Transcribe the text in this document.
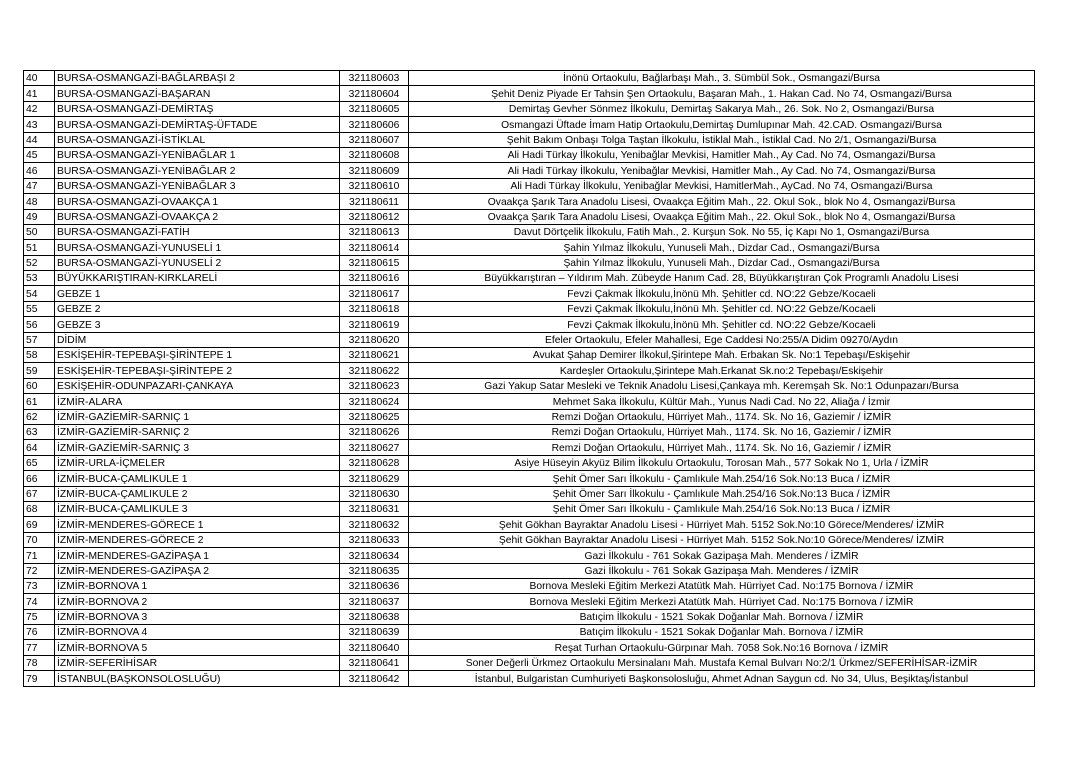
40	BURSA-OSMANGAZİ-BAĞLARBAŞI 2	321180603	İnönü Ortaokulu, Bağlarbaşı Mah., 3. Sümbül Sok., Osmangazi/Bursa
41	BURSA-OSMANGAZİ-BAŞARAN	321180604	Şehit Deniz Piyade Er Tahsin Şen Ortaokulu, Başaran Mah., 1. Hakan Cad. No 74, Osmangazi/Bursa
42	BURSA-OSMANGAZİ-DEMİRTAŞ	321180605	Demirtaş Gevher Sönmez İlkokulu, Demirtaş Sakarya Mah., 26. Sok. No 2, Osmangazi/Bursa
43	BURSA-OSMANGAZİ-DEMİRTAŞ-ÜFTADE	321180606	Osmangazi Üftade İmam Hatip Ortaokulu,Demirtaş Dumlupınar Mah. 42.CAD. Osmangazi/Bursa
44	BURSA-OSMANGAZİ-İSTİKLAL	321180607	Şehit Bakım Onbaşı Tolga Taştan İlkokulu, İstiklal Mah., İstiklal Cad. No 2/1, Osmangazi/Bursa
45	BURSA-OSMANGAZİ-YENİBAĞLAR 1	321180608	Ali Hadi Türkay İlkokulu, Yenibağlar Mevkisi, Hamitler Mah., Ay Cad. No 74, Osmangazi/Bursa
46	BURSA-OSMANGAZİ-YENİBAĞLAR 2	321180609	Ali Hadi Türkay İlkokulu, Yenibağlar Mevkisi, Hamitler Mah., Ay Cad. No 74, Osmangazi/Bursa
47	BURSA-OSMANGAZİ-YENİBAĞLAR 3	321180610	Ali Hadi Türkay İlkokulu, Yenibağlar Mevkisi, HamitlerMah., AyCad. No 74, Osmangazi/Bursa
48	BURSA-OSMANGAZİ-OVAAKÇA 1	321180611	Ovaakça Şarık Tara Anadolu Lisesi, Ovaakça Eğitim Mah., 22. Okul Sok., blok No 4, Osmangazi/Bursa
49	BURSA-OSMANGAZİ-OVAAKÇA 2	321180612	Ovaakça Şarık Tara Anadolu Lisesi, Ovaakça Eğitim Mah., 22. Okul Sok., blok No 4, Osmangazi/Bursa
50	BURSA-OSMANGAZİ-FATİH	321180613	Davut Dörtçelik İlkokulu, Fatih Mah., 2. Kurşun Sok. No 55, İç Kapı No 1, Osmangazi/Bursa
51	BURSA-OSMANGAZİ-YUNUSELİ 1	321180614	Şahin Yılmaz İlkokulu, Yunuseli Mah., Dizdar Cad., Osmangazi/Bursa
52	BURSA-OSMANGAZİ-YUNUSELİ 2	321180615	Şahin Yılmaz İlkokulu, Yunuseli Mah., Dizdar Cad., Osmangazi/Bursa
53	BÜYÜKKARIŞTIRAN-KIRKLARELİ	321180616	Büyükkarıştıran – Yıldırım Mah. Zübeyde Hanım Cad. 28, Büyükkarıştıran Çok Programlı Anadolu Lisesi
54	GEBZE 1	321180617	Fevzi Çakmak İlkokulu,İnönü Mh. Şehitler cd. NO:22 Gebze/Kocaeli
55	GEBZE 2	321180618	Fevzi Çakmak İlkokulu,İnönü Mh. Şehitler cd. NO:22 Gebze/Kocaeli
56	GEBZE 3	321180619	Fevzi Çakmak İlkokulu,İnönü Mh. Şehitler cd. NO:22 Gebze/Kocaeli
57	DİDİM	321180620	Efeler Ortaokulu, Efeler Mahallesi, Ege Caddesi No:255/A Didim 09270/Aydın
58	ESKİŞEHİR-TEPEBAŞI-ŞİRİNTEPE 1	321180621	Avukat Şahap Demirer İlkokul,Şirintepe Mah. Erbakan Sk. No:1 Tepebaşı/Eskişehir
59	ESKİŞEHİR-TEPEBAŞI-ŞİRİNTEPE 2	321180622	Kardeşler Ortaokulu,Şirintepe Mah.Erkanat Sk.no:2 Tepebaşı/Eskişehir
60	ESKİŞEHİR-ODUNPAZARI-ÇANKAYA	321180623	Gazi Yakup Satar Mesleki ve Teknik Anadolu Lisesi,Çankaya mh. Keremşah Sk. No:1 Odunpazarı/Bursa
61	İZMİR-ALARA	321180624	Mehmet Saka İlkokulu, Kültür Mah., Yunus Nadi Cad. No 22, Aliağa / İzmir
62	İZMİR-GAZİEMİR-SARNIÇ 1	321180625	Remzi Doğan Ortaokulu, Hürriyet Mah., 1174. Sk. No 16, Gaziemir / İZMİR
63	İZMİR-GAZİEMİR-SARNIÇ 2	321180626	Remzi Doğan Ortaokulu, Hürriyet Mah., 1174. Sk. No 16, Gaziemir / İZMİR
64	İZMİR-GAZİEMİR-SARNIÇ 3	321180627	Remzi Doğan Ortaokulu, Hürriyet Mah., 1174. Sk. No 16, Gaziemir / İZMİR
65	İZMİR-URLA-İÇMELER	321180628	Asiye Hüseyin Akyüz Bilim İlkokulu Ortaokulu, Torosan Mah., 577 Sokak No 1, Urla / İZMİR
66	İZMİR-BUCA-ÇAMLIKULE 1	321180629	Şehit Ömer Sarı İlkokulu - Çamlıkule Mah.254/16 Sok.No:13 Buca / İZMİR
67	İZMİR-BUCA-ÇAMLIKULE 2	321180630	Şehit Ömer Sarı İlkokulu - Çamlıkule Mah.254/16 Sok.No:13 Buca / İZMİR
68	İZMİR-BUCA-ÇAMLIKULE 3	321180631	Şehit Ömer Sarı İlkokulu - Çamlıkule Mah.254/16 Sok.No:13 Buca / İZMİR
69	İZMİR-MENDERES-GÖRECE 1	321180632	Şehit Gökhan Bayraktar Anadolu Lisesi - Hürriyet Mah. 5152 Sok.No:10 Görece/Menderes/ İZMİR
70	İZMİR-MENDERES-GÖRECE 2	321180633	Şehit Gökhan Bayraktar Anadolu Lisesi - Hürriyet Mah. 5152 Sok.No:10 Görece/Menderes/ İZMİR
71	İZMİR-MENDERES-GAZİPAŞA 1	321180634	Gazi İlkokulu - 761 Sokak Gazipaşa Mah. Menderes / İZMİR
72	İZMİR-MENDERES-GAZİPAŞA 2	321180635	Gazi İlkokulu - 761 Sokak Gazipaşa Mah. Menderes / İZMİR
73	İZMİR-BORNOVA 1	321180636	Bornova Mesleki Eğitim Merkezi Atatütk Mah. Hürriyet Cad. No:175 Bornova / İZMİR
74	İZMİR-BORNOVA 2	321180637	Bornova Mesleki Eğitim Merkezi Atatütk Mah. Hürriyet Cad. No:175 Bornova / İZMİR
75	İZMİR-BORNOVA 3	321180638	Batıçim İlkokulu - 1521 Sokak Doğanlar Mah. Bornova / İZMİR
76	İZMİR-BORNOVA 4	321180639	Batıçim İlkokulu - 1521 Sokak Doğanlar Mah. Bornova / İZMİR
77	İZMİR-BORNOVA 5	321180640	Reşat Turhan Ortaokulu-Gürpınar Mah. 7058 Sok.No:16 Bornova / İZMİR
78	İZMİR-SEFERİHİSAR	321180641	Soner Değerli Ürkmez Ortaokulu Mersinalanı Mah. Mustafa Kemal Bulvarı No:2/1 Ürkmez/SEFERİHİSAR-İZMİR
79	İSTANBUL(BAŞKONSOLOSLUĞU)	321180642	İstanbul, Bulgaristan Cumhuriyeti Başkonsolosluğu, Ahmet Adnan Saygun cd. No 34, Ulus, Beşiktaş/İstanbul
